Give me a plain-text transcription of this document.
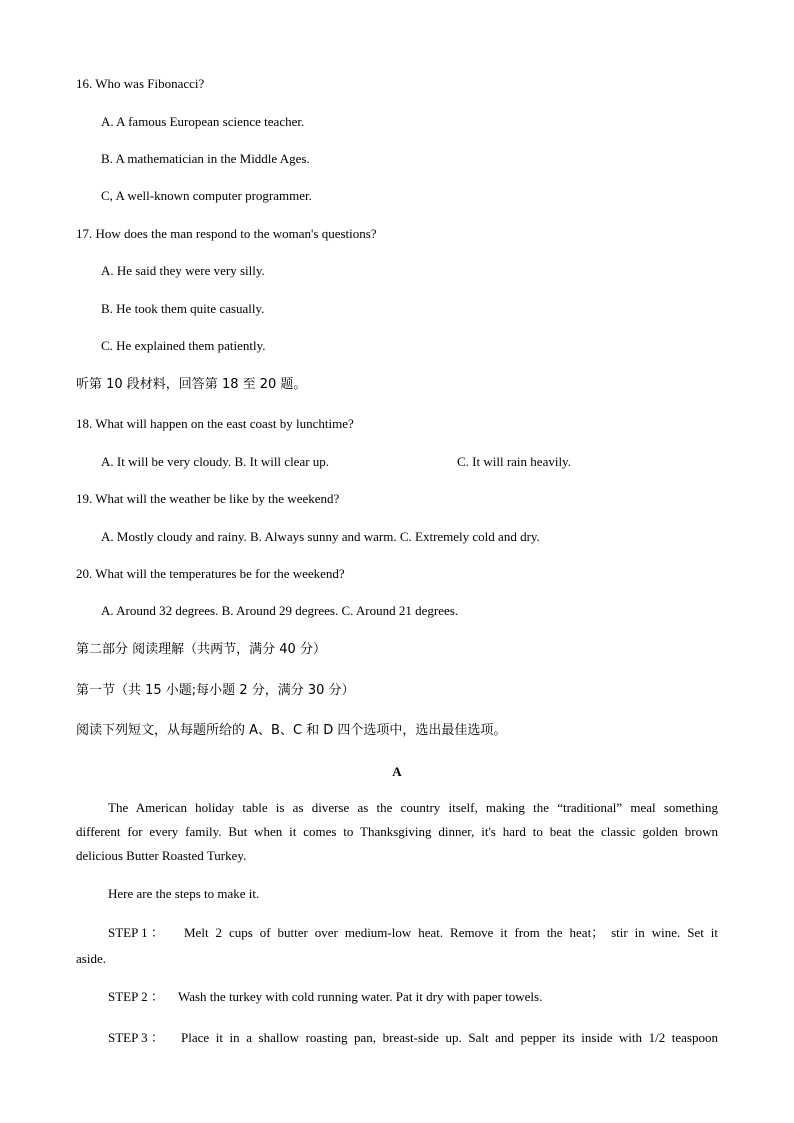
16. Who was Fibonacci?
A. A famous European science teacher.
B. A mathematician in the Middle Ages.
C, A well-known computer programmer.
17. How does the man respond to the woman's questions?
A. He said they were very silly.
B. He took them quite casually.
C. He explained them patiently.
听第 10 段材料，回答第 18 至 20 题。
18. What will happen on the east coast by lunchtime?
A. It will be very cloudy. B. It will clear up.	C. It will rain heavily.
19. What will the weather be like by the weekend?
A. Mostly cloudy and rainy. B. Always sunny and warm. C. Extremely cold and dry.
20. What will the temperatures be for the weekend?
A. Around 32 degrees. B. Around 29 degrees. C. Around 21 degrees.
第二部分 阅读理解（共两节，满分 40 分）
第一节（共 15 小题;每小题 2 分，满分 30 分）
阅读下列短文，从每题所给的 A、B、C 和 D 四个选项中，选出最佳选项。
A
The American holiday table is as diverse as the country itself, making the “traditional” meal something
different for every family. But when it comes to Thanksgiving dinner, it's hard to beat the classic golden brown
delicious Butter Roasted Turkey.
Here are the steps to make it.
STEP 1 ： Melt 2 cups of butter over medium-low heat. Remove it from the heat； stir in wine. Set it
aside.
STEP 2 ： Wash the turkey with cold running water. Pat it dry with paper towels.
STEP 3 ： Place it in a shallow roasting pan, breast-side up. Salt and pepper its inside with 1/2 teaspoon
